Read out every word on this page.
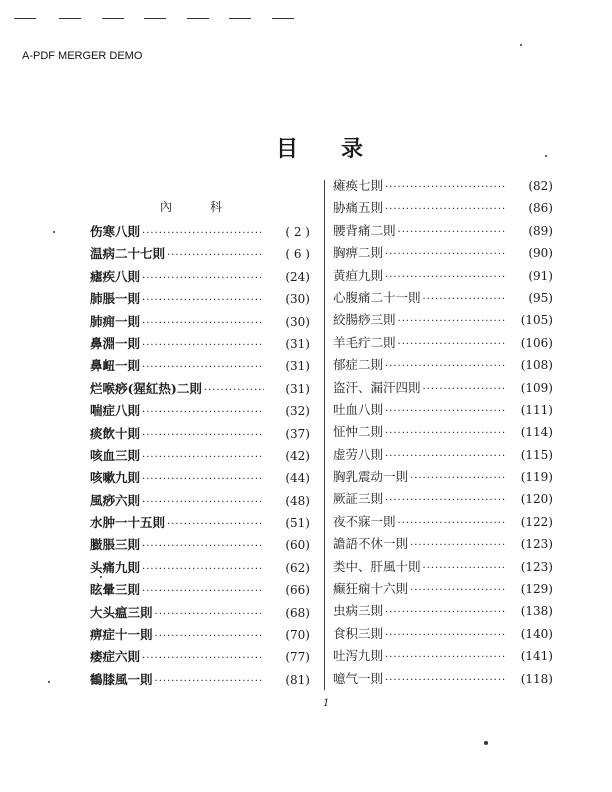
A-PDF MERGER DEMO
目 录
內科
伤寒八則 ·····	( 2 )
温病二十七則 ·····	( 6 )
瘧疾八則 ·····	(24)
肺脹一則 ·····	(30)
肺痈一則 ·····	(30)
鼻淵一則 ·····	(31)
鼻衄一則 ·····	(31)
烂喉痧(猩紅热)二則 ·····	(31)
喘症八則 ·····	(32)
痰飲十則 ·····	(37)
咳血三則 ·····	(42)
咳嗽九則 ·····	(44)
風痧六則 ·····	(48)
水肿一十五則 ·····	(51)
臌脹三則 ·····	(60)
头痛九則 ·····	(62)
眩暈三則 ·····	(66)
大头瘟三則 ·····	(68)
痹症十一則 ·····	(70)
痿症六則 ·····	(77)
鶴膝風一則 ·····	(81)
瘫痪七則 ·····	(82)
胁痛五則 ·····	(86)
腰背痛二則 ·····	(89)
胸痹二則 ·····	(90)
黄疸九則 ·····	(91)
心腹痛二十一則 ·····	(95)
絞腸痧三則 ·····	(105)
羊毛疔二則 ·····	(106)
郁症二則 ·····	(108)
盗汗、漏汗四則 ·····	(109)
吐血八則 ·····	(111)
怔忡二則 ·····	(114)
虚劳八則 ·····	(115)
胸乳震动一則 ·····	(119)
厥証三則 ·····	(120)
夜不寐一則 ·····	(122)
譫語不休一則 ·····	(123)
类中、肝風十則 ·····	(123)
癫狂痫十六則 ·····	(129)
虫病三則 ·····	(138)
食积三則 ·····	(140)
吐泻九則 ·····	(141)
噫气一則 ·····	(118)
1
